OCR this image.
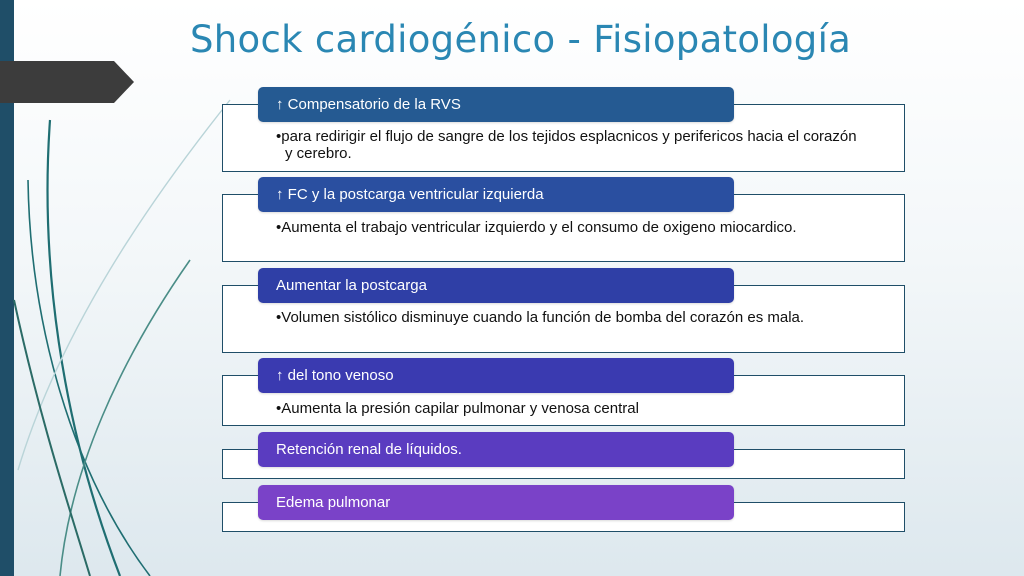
Shock cardiogénico - Fisiopatología
↑ Compensatorio de la RVS

•para redirigir el flujo de sangre de los tejidos esplacnicos y perifericos hacia el corazón y cerebro.

↑ FC y la postcarga ventricular izquierda

•Aumenta el trabajo ventricular izquierdo y el consumo de oxigeno miocardico.

Aumentar la postcarga

•Volumen sistólico disminuye cuando la función de bomba del corazón es mala.

↑ del tono venoso

•Aumenta la presión capilar pulmonar y venosa central

Retención renal de líquidos.
Edema pulmonar
